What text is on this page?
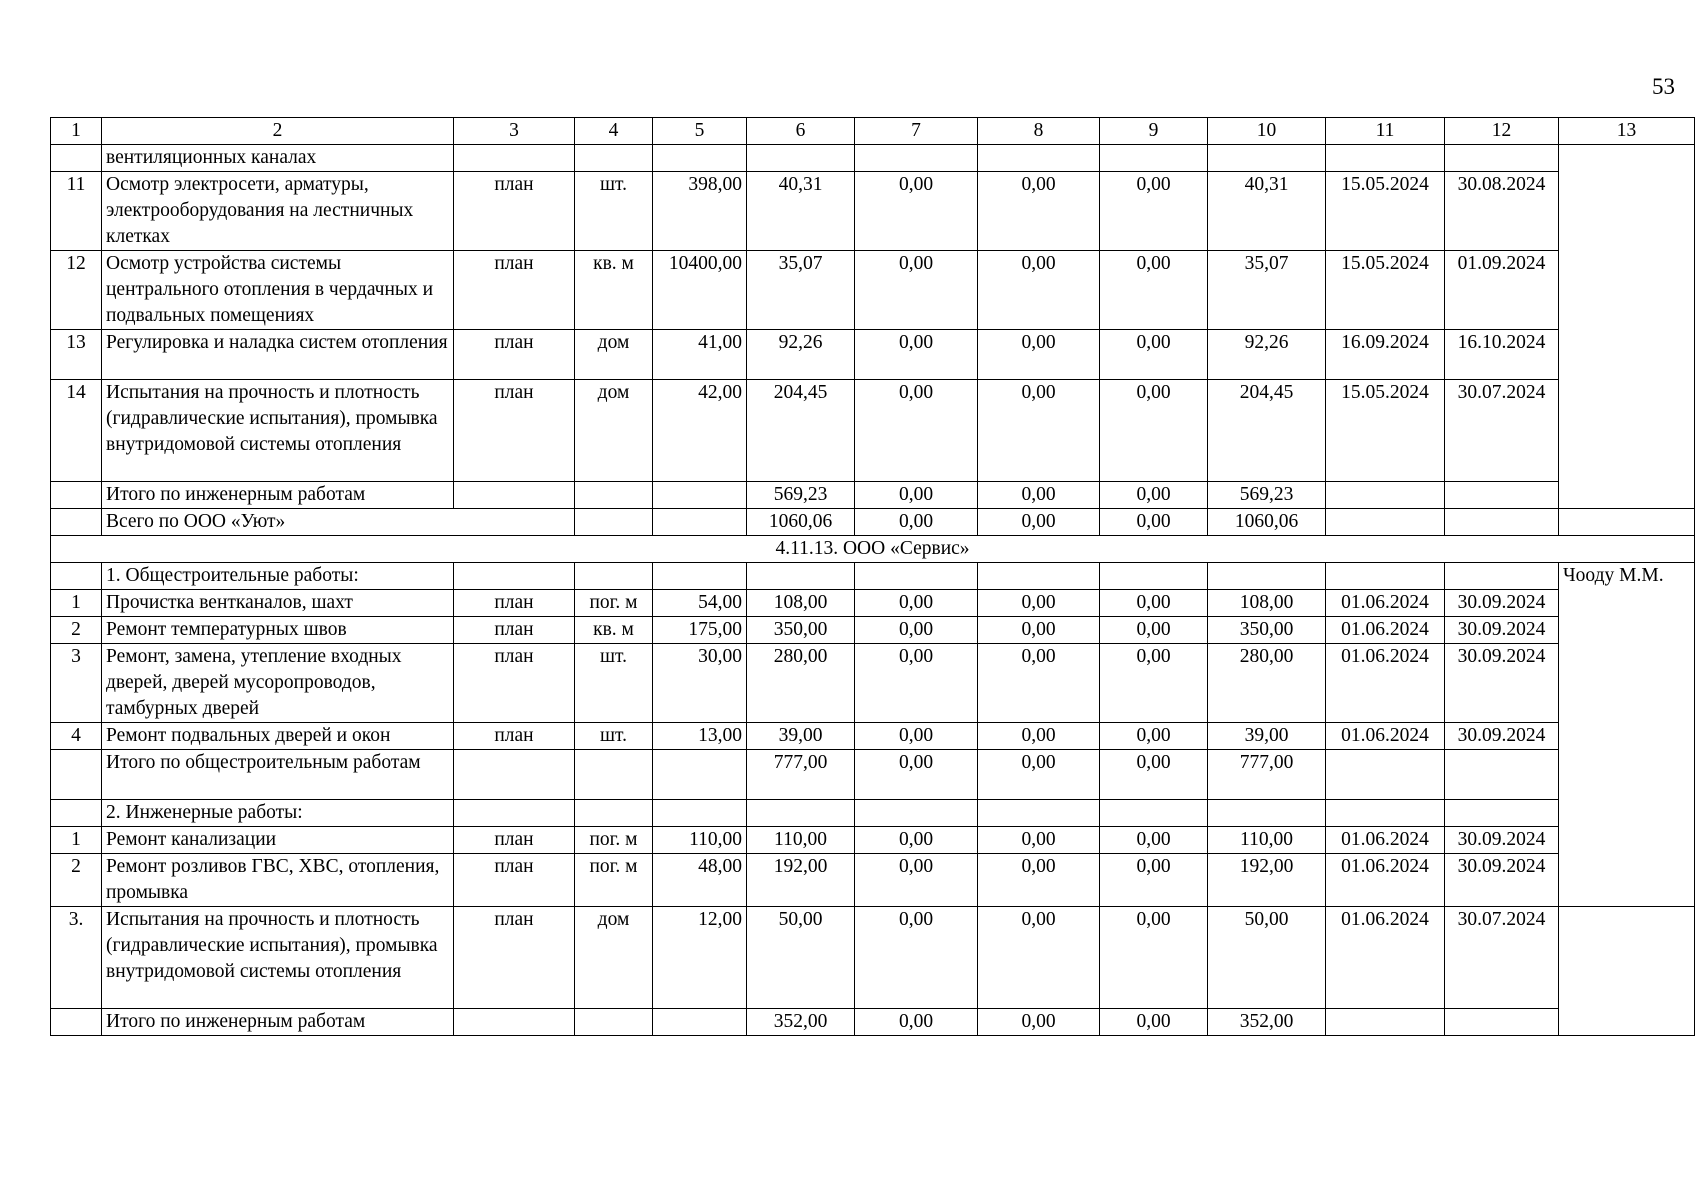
53
1	2	3	4	5	6	7	8	9	10	11	12	13
	вентиляционных каналах											
11	Осмотр электросети, арматуры, электрооборудования на лестничных клетках	план	шт.	398,00	40,31	0,00	0,00	0,00	40,31	15.05.2024	30.08.2024	
12	Осмотр устройства системы центрального отопления в чердачных и подвальных помещениях	план	кв. м	10400,00	35,07	0,00	0,00	0,00	35,07	15.05.2024	01.09.2024	
13	Регулировка и наладка систем отопления	план	дом	41,00	92,26	0,00	0,00	0,00	92,26	16.09.2024	16.10.2024	
14	Испытания на прочность и плотность (гидравлические испытания), промывка внутридомовой системы отопления	план	дом	42,00	204,45	0,00	0,00	0,00	204,45	15.05.2024	30.07.2024	
	Итого по инженерным работам				569,23	0,00	0,00	0,00	569,23			
	Всего по ООО «Уют»				1060,06	0,00	0,00	0,00	1060,06			
4.11.13. ООО «Сервис»												
	1. Общестроительные работы:											Чооду М.М.
1	Прочистка вентканалов, шахт	план	пог. м	54,00	108,00	0,00	0,00	0,00	108,00	01.06.2024	30.09.2024	
2	Ремонт температурных швов	план	кв. м	175,00	350,00	0,00	0,00	0,00	350,00	01.06.2024	30.09.2024	
3	Ремонт, замена, утепление входных дверей, дверей мусоропроводов, тамбурных дверей	план	шт.	30,00	280,00	0,00	0,00	0,00	280,00	01.06.2024	30.09.2024	
4	Ремонт подвальных дверей и окон	план	шт.	13,00	39,00	0,00	0,00	0,00	39,00	01.06.2024	30.09.2024	
	Итого по общестроительным работам				777,00	0,00	0,00	0,00	777,00			
	2. Инженерные работы:											
1	Ремонт канализации	план	пог. м	110,00	110,00	0,00	0,00	0,00	110,00	01.06.2024	30.09.2024	
2	Ремонт розливов ГВС, ХВС, отопления, промывка	план	пог. м	48,00	192,00	0,00	0,00	0,00	192,00	01.06.2024	30.09.2024	
3.	Испытания на прочность и плотность (гидравлические испытания), промывка внутридомовой системы отопления	план	дом	12,00	50,00	0,00	0,00	0,00	50,00	01.06.2024	30.07.2024	
	Итого по инженерным работам				352,00	0,00	0,00	0,00	352,00			
